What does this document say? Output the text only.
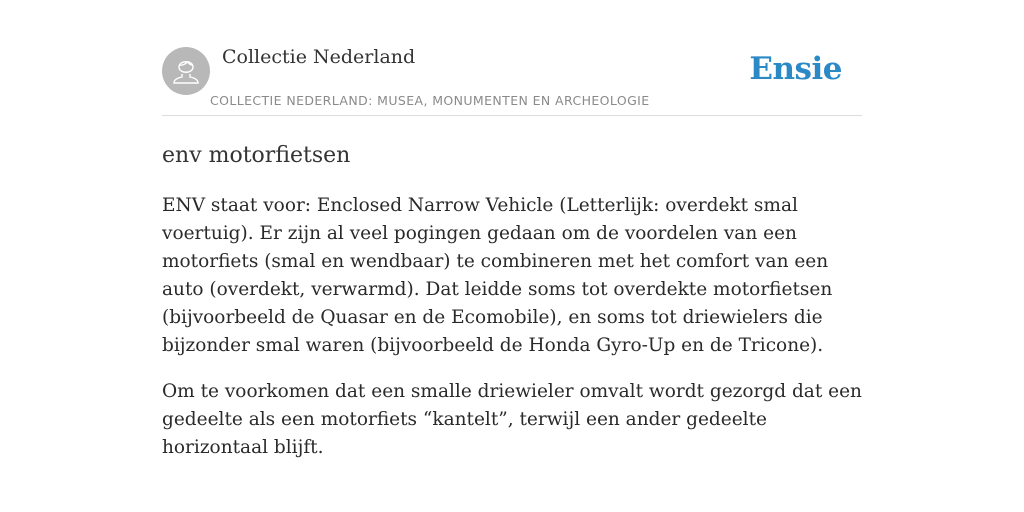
Collectie Nederland
COLLECTIE NEDERLAND: MUSEA, MONUMENTEN EN ARCHEOLOGIE
Ensie
env motorfietsen

ENV staat voor: Enclosed Narrow Vehicle (Letterlijk: overdekt smal voertuig). Er zijn al veel pogingen gedaan om de voordelen van een motorfiets (smal en wendbaar) te combineren met het comfort van een auto (overdekt, verwarmd). Dat leidde soms tot overdekte motorfietsen (bijvoorbeeld de Quasar en de Ecomobile), en soms tot driewielers die bijzonder smal waren (bijvoorbeeld de Honda Gyro-Up en de Tricone).

Om te voorkomen dat een smalle driewieler omvalt wordt gezorgd dat een gedeelte als een motorfiets “kantelt”, terwijl een ander gedeelte horizontaal blijft.
